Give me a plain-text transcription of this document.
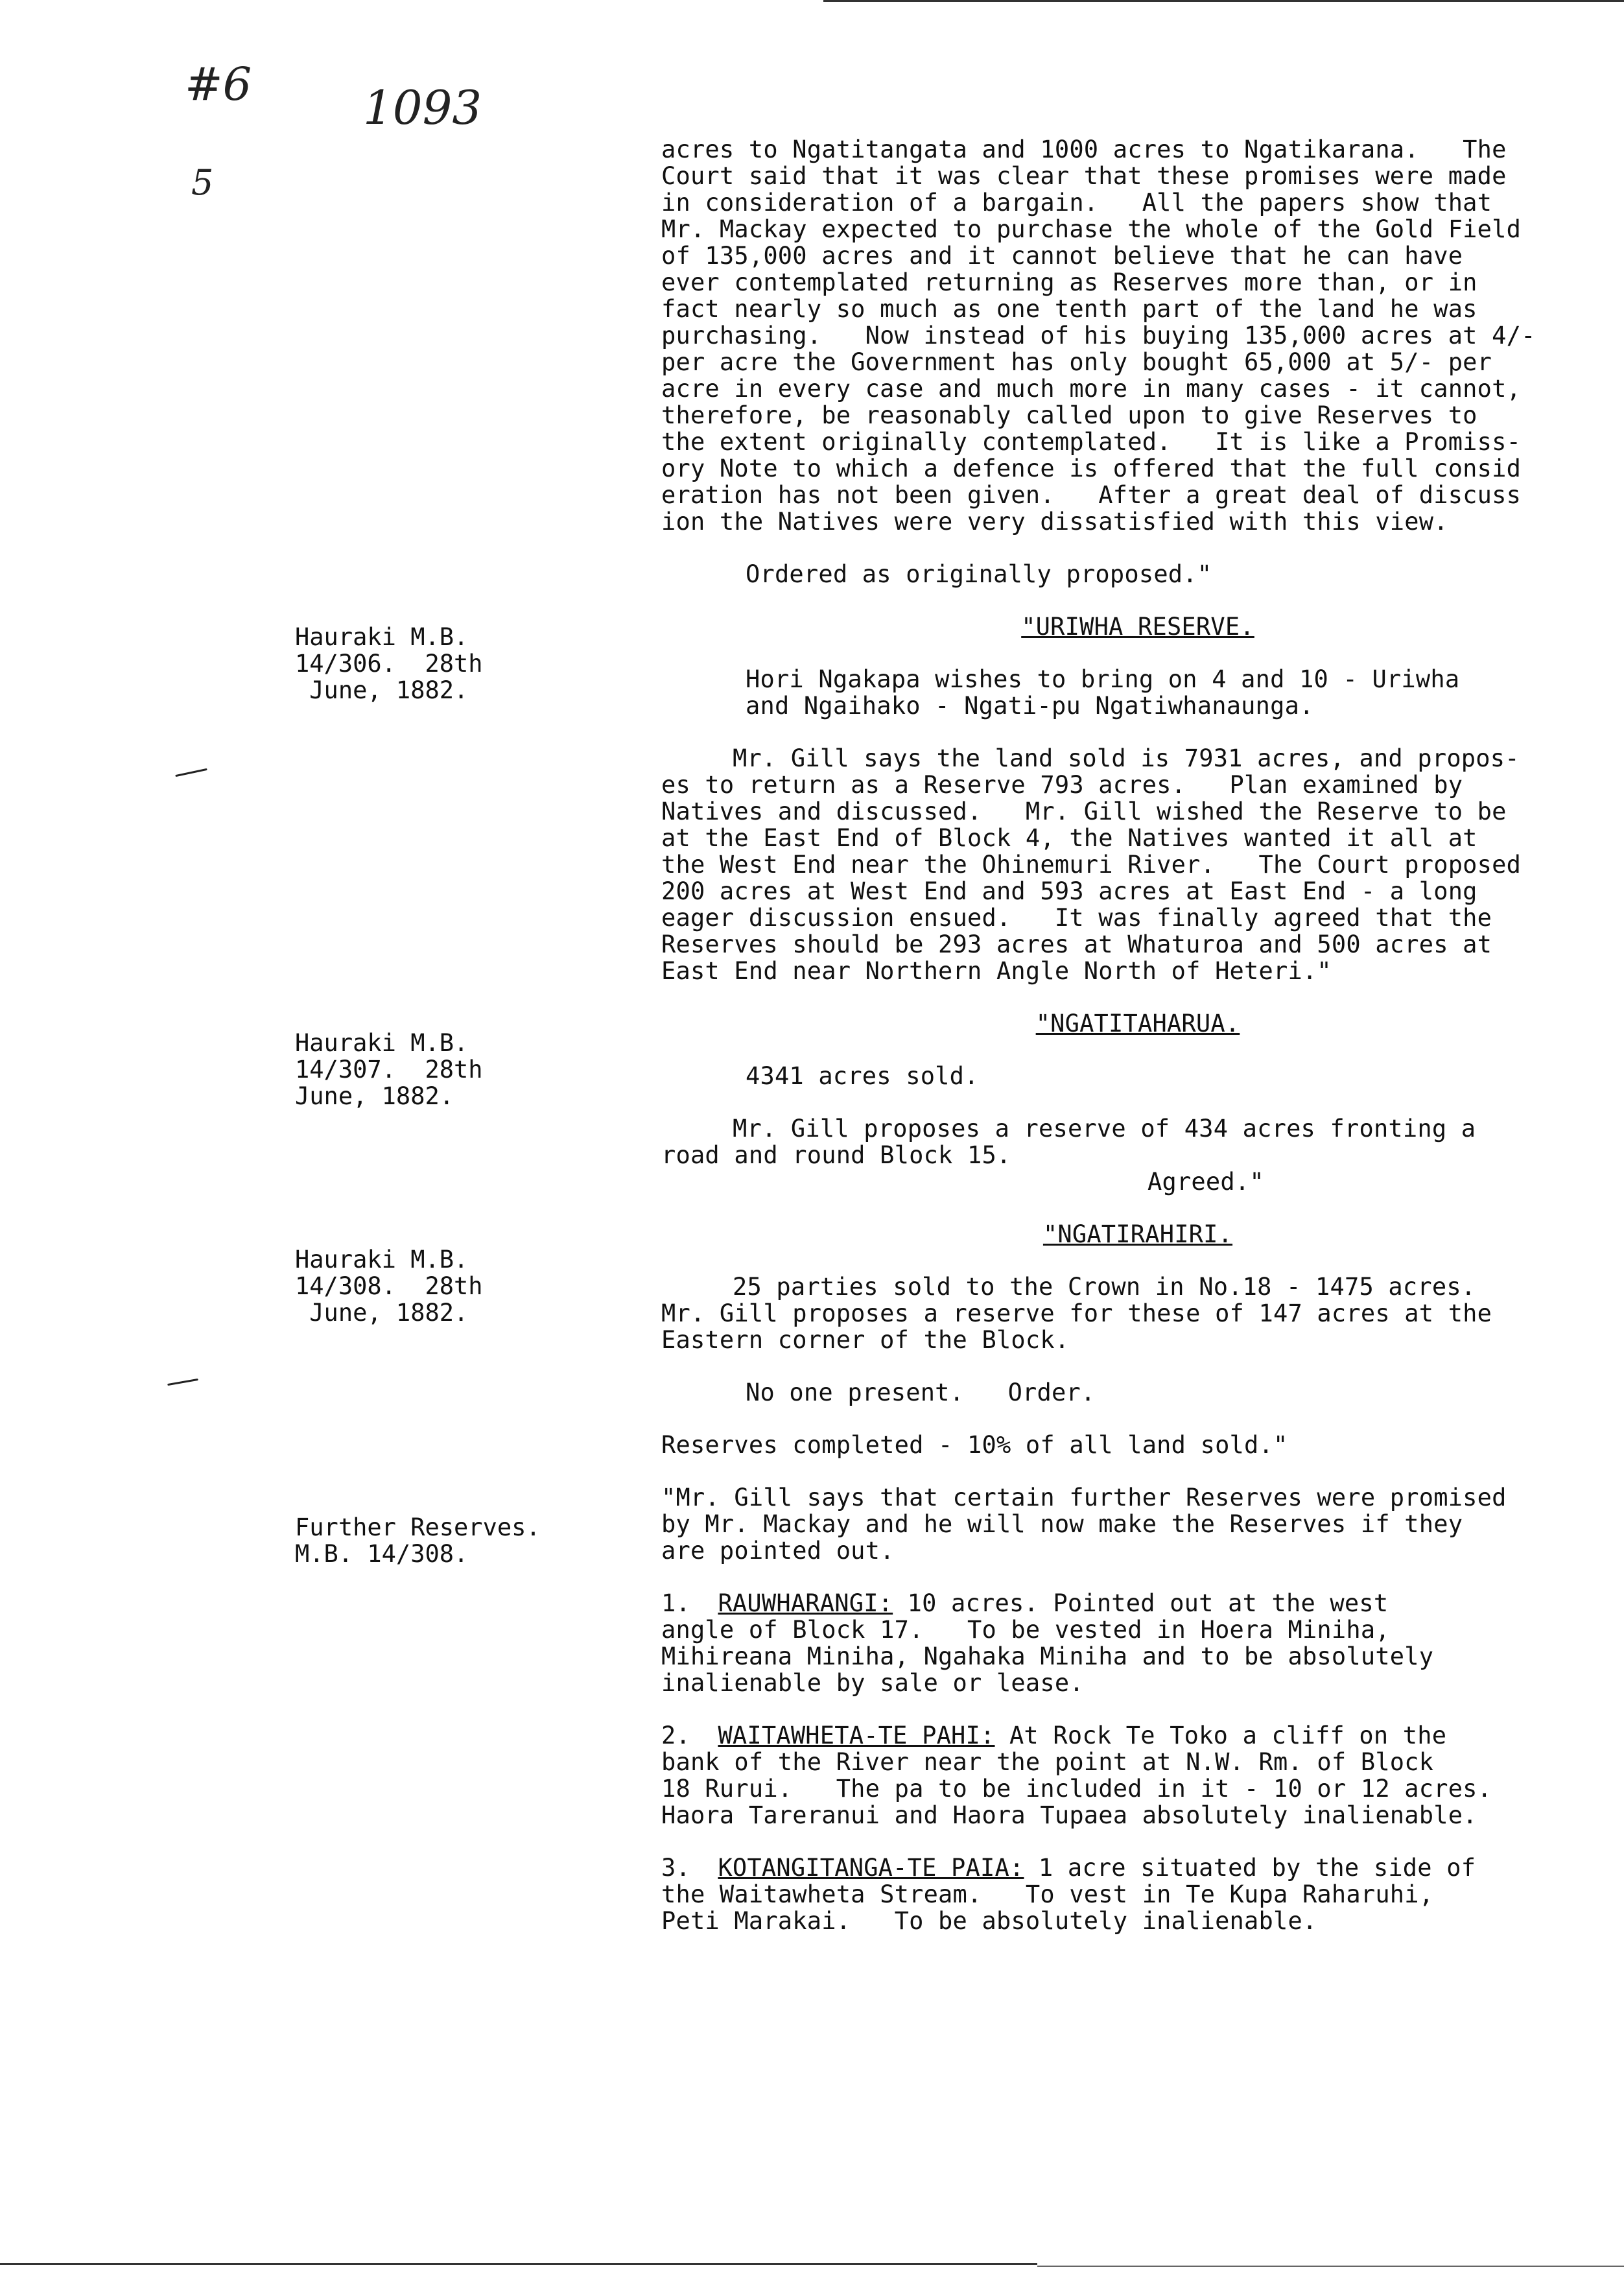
#6 1093
5
Hauraki M.B.
14/306.  28th
June, 1882.
Hauraki M.B.
14/307.  28th
June, 1882.
Hauraki M.B.
14/308.  28th
June, 1882.
Further Reserves.
M.B. 14/308.

acres to Ngatitangata and 1000 acres to Ngatikarana.   The
Court said that it was clear that these promises were made
in consideration of a bargain.   All the papers show that
Mr. Mackay expected to purchase the whole of the Gold Field
of 135,000 acres and it cannot believe that he can have
ever contemplated returning as Reserves more than, or in
fact nearly so much as one tenth part of the land he was
purchasing.   Now instead of his buying 135,000 acres at 4/-
per acre the Government has only bought 65,000 at 5/- per
acre in every case and much more in many cases - it cannot,
therefore, be reasonably called upon to give Reserves to
the extent originally contemplated.   It is like a Promiss-
ory Note to which a defence is offered that the full consid
eration has not been given.   After a great deal of discuss
ion the Natives were very dissatisfied with this view.

Ordered as originally proposed."

"URIWHA RESERVE.

Hori Ngakapa wishes to bring on 4 and 10 - Uriwha
and Ngaihako - Ngati-pu Ngatiwhanaunga.

Mr. Gill says the land sold is 7931 acres, and propos-
es to return as a Reserve 793 acres.   Plan examined by
Natives and discussed.   Mr. Gill wished the Reserve to be
at the East End of Block 4, the Natives wanted it all at
the West End near the Ohinemuri River.   The Court proposed
200 acres at West End and 593 acres at East End - a long
eager discussion ensued.   It was finally agreed that the
Reserves should be 293 acres at Whaturoa and 500 acres at
East End near Northern Angle North of Heteri."

"NGATITAHARUA.

4341 acres sold.

Mr. Gill proposes a reserve of 434 acres fronting a
road and round Block 15.

Agreed."

"NGATIRAHIRI.

25 parties sold to the Crown in No.18 - 1475 acres.
Mr. Gill proposes a reserve for these of 147 acres at the
Eastern corner of the Block.

No one present.   Order.

Reserves completed - 10% of all land sold."

"Mr. Gill says that certain further Reserves were promised
by Mr. Mackay and he will now make the Reserves if they
are pointed out.

1. RAUWHARANGI: 10 acres. Pointed out at the west

angle of Block 17.   To be vested in Hoera Miniha,
Mihireana Miniha, Ngahaka Miniha and to be absolutely
inalienable by sale or lease.

2. WAITAWHETA-TE PAHI: At Rock Te Toko a cliff on the

bank of the River near the point at N.W. Rm. of Block
18 Rurui.   The pa to be included in it - 10 or 12 acres.
Haora Tareranui and Haora Tupaea absolutely inalienable.

3. KOTANGITANGA-TE PAIA: 1 acre situated by the side of

the Waitawheta Stream.   To vest in Te Kupa Raharuhi,
Peti Marakai.   To be absolutely inalienable.
